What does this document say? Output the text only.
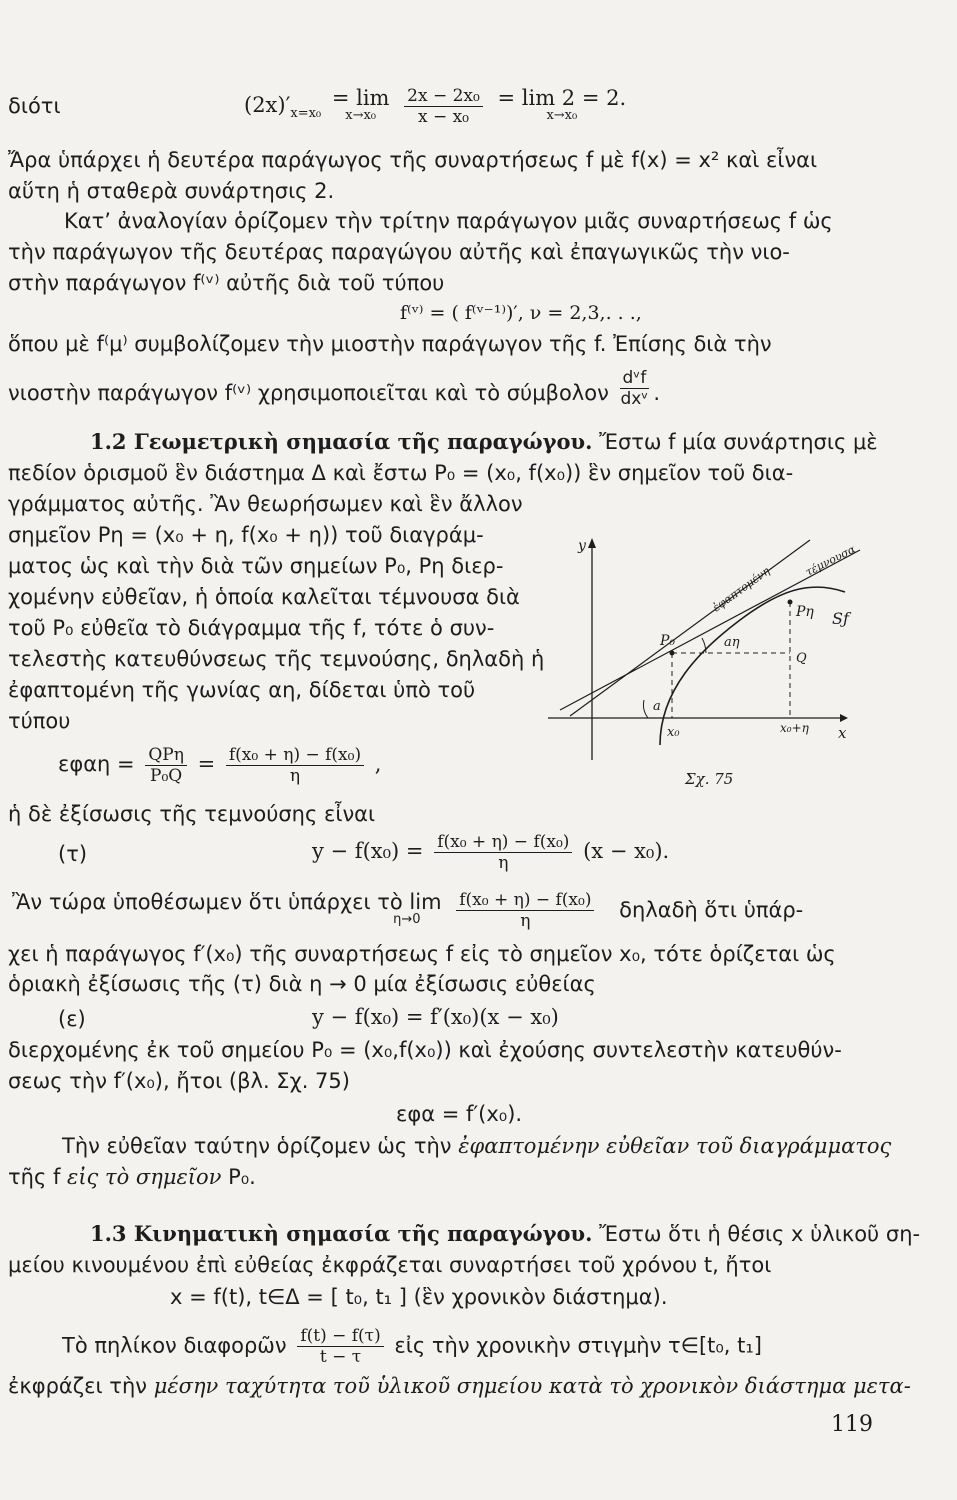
διότι	$(2x)'_{x=x_0} = \lim$
x→x₀
	$\frac{\text{2x − 2x₀}}{\text{x − x₀}} = \lim 2 = 2$.
x→x₀
Ἄρα ὑπάρχει ἡ δευτέρα παράγωγος τῆς συναρτήσεως f μὲ f(x) = x² καὶ εἶναι
αὕτη ἡ σταθερὰ συνάρτησις 2.
Κατ’ ἀναλογίαν ὁρίζομεν τὴν τρίτην παράγωγον μιᾶς συναρτήσεως f ὡς
τὴν παράγωγον τῆς δευτέρας παραγώγου αὐτῆς καὶ ἐπαγωγικῶς τὴν νιο-
στὴν παράγωγον f⁽ᵛ⁾ αὐτῆς διὰ τοῦ τύπου
f⁽ᵛ⁾ = ( f⁽ᵛ⁻¹⁾)′, ν = 2,3,. . .,
ὅπου μὲ f⁽μ⁾ συμβολίζομεν τὴν μιοστὴν παράγωγον τῆς f. Ἐπίσης διὰ τὴν
νιοστὴν παράγωγον f⁽ᵛ⁾ χρησιμοποιεῖται καὶ τὸ σύμβολον $\frac{\text{dᵛf}}{\text{dxᵛ}}$ .
1.2 Γεωμετρικὴ σημασία τῆς παραγώγου. Ἔστω f μία συνάρτησις μὲ
πεδίον ὁρισμοῦ ἓν διάστημα Δ καὶ ἔστω P₀ = (x₀, f(x₀)) ἓν σημεῖον τοῦ δια-
γράμματος αὐτῆς. Ἂν θεωρήσωμεν καὶ ἓν ἄλλον
σημεῖον Pη = (x₀ + η, f(x₀ + η)) τοῦ διαγράμ-
ματος ὡς καὶ τὴν διὰ τῶν σημείων P₀, Pη διερ-
χομένην εὐθεῖαν, ἡ ὁποία καλεῖται τέμνουσα διὰ
τοῦ P₀ εὐθεῖα τὸ διάγραμμα τῆς f, τότε ὁ συν-
τελεστὴς κατευθύνσεως τῆς τεμνούσης, δηλαδὴ ἡ
ἐφαπτομένη τῆς γωνίας αη, δίδεται ὑπὸ τοῦ
τύπου
$\varepsilon\varphi\alpha\eta = \frac{\text{QPη}}{\text{P₀Q}} = \frac{\text{f(x₀ + η) − f(x₀)}}{\eta}$ ,
ἡ δὲ ἐξίσωσις τῆς τεμνούσης εἶναι
(τ)	$y - f(x_0) = \frac{\text{f(x₀ + η) − f(x₀)}}{\eta} (x - x_0)$.
Ἂν τώρα ὑποθέσωμεν ὅτι ὑπάρχει τὸ lim
η→0
	$\frac{\text{f(x₀ + η) − f(x₀)}}{\eta}$ δηλαδὴ ὅτι ὑπάρ-
χει ἡ παράγωγος f′(x₀) τῆς συναρτήσεως f εἰς τὸ σημεῖον x₀, τότε ὁρίζεται ὡς
ὁριακὴ ἐξίσωσις τῆς (τ) διὰ η → 0 μία ἐξίσωσις εὐθείας
(ε)	y − f(x₀) = f′(x₀)(x − x₀)
διερχομένης ἐκ τοῦ σημείου P₀ = (x₀,f(x₀)) καὶ ἐχούσης συντελεστὴν κατευθύν-
σεως τὴν f′(x₀), ἤτοι (βλ. Σχ. 75)
εφα = f′(x₀).
Τὴν εὐθεῖαν ταύτην ὁρίζομεν ὡς τὴν ἐφαπτομένην εὐθεῖαν τοῦ διαγράμματος
τῆς f εἰς τὸ σημεῖον P₀.
1.3 Κινηματικὴ σημασία τῆς παραγώγου. Ἔστω ὅτι ἡ θέσις x ὑλικοῦ ση-
μείου κινουμένου ἐπὶ εὐθείας ἐκφράζεται συναρτήσει τοῦ χρόνου t, ἤτοι
x = f(t), t∈Δ = [ t₀, t₁ ] (ἓν χρονικὸν διάστημα).
Τὸ πηλίκον διαφορῶν $\frac{f(t) - f(\tau)}{t - \tau}$ εἰς τὴν χρονικὴν στιγμὴν τ∈[t₀, t₁]
ἐκφράζει τὴν μέσην ταχύτητα τοῦ ὑλικοῦ σημείου κατὰ τὸ χρονικὸν διάστημα μετα-
119
y
x
P₀
Pη Sƒ
Q
a
aη
x₀	x₀+η
ἐφαπτομένη
τέμνουσα
Σχ. 75
